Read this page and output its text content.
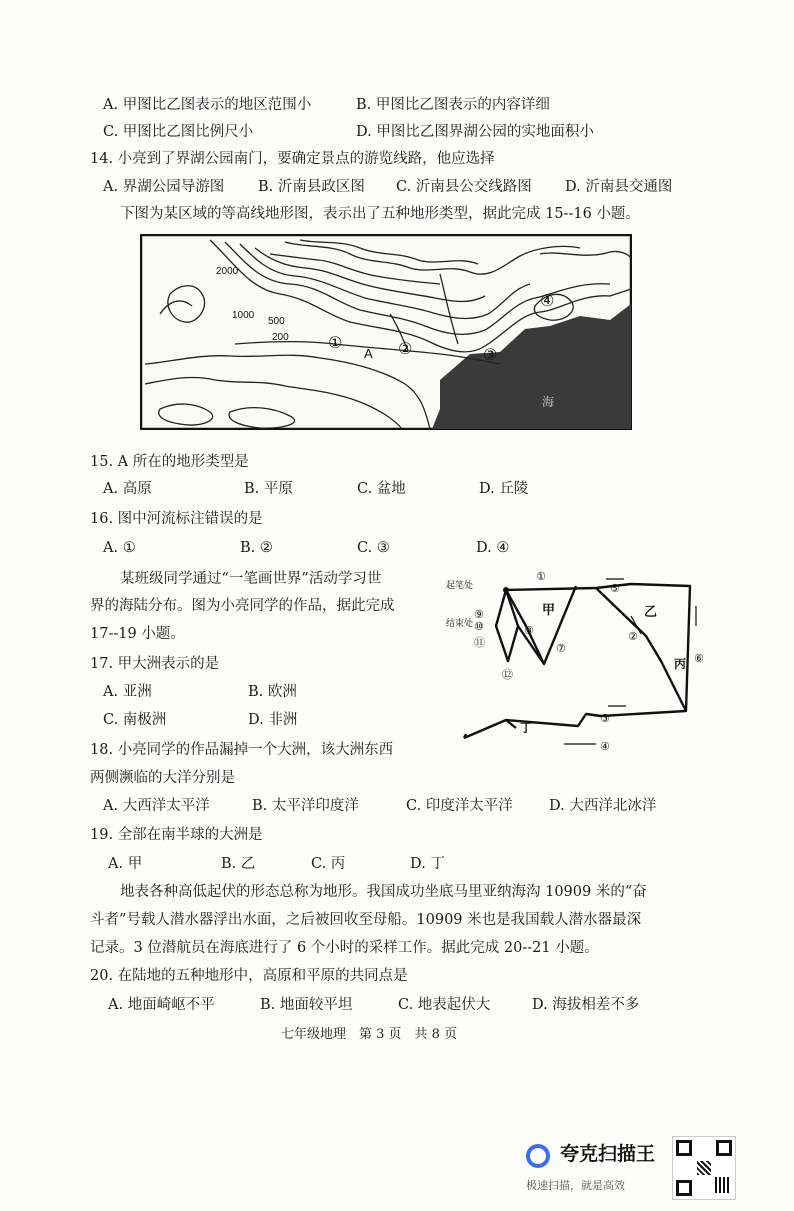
A. 甲图比乙图表示的地区范围小	B. 甲图比乙图表示的内容详细
C. 甲图比乙图比例尺小	D. 甲图比乙图界湖公园的实地面积小
14. 小亮到了界湖公园南门，要确定景点的游览线路，他应选择
A. 界湖公园导游图 B. 沂南县政区图 C. 沂南县公交线路图 D. 沂南县交通图
下图为某区域的等高线地形图，表示出了五种地形类型，据此完成 15--16 小题。
2000
1000
500
200
A
①	②	③
④
海
15. A 所在的地形类型是
A. 高原	B. 平原	C. 盆地	D. 丘陵
16. 图中河流标注错误的是
A. ①	B. ②	C. ③	D. ④
某班级同学通过“一笔画世界”活动学习世
界的海陆分布。图为小亮同学的作品，据此完成
17--19 小题。
起笔处
结束处
甲	乙
丙
丁
①
②
③
④
⑤
⑥
⑦
⑧
⑨
⑩
⑪
⑫
17. 甲大洲表示的是
A. 亚洲	B. 欧洲
C. 南极洲	D. 非洲
18. 小亮同学的作品漏掉一个大洲，该大洲东西
两侧濒临的大洋分别是
A. 大西洋太平洋	B. 太平洋印度洋	C. 印度洋太平洋 D. 大西洋北冰洋
19. 全部在南半球的大洲是
A. 甲	B. 乙	C. 丙	D. 丁
地表各种高低起伏的形态总称为地形。我国成功坐底马里亚纳海沟 10909 米的“奋
斗者”号载人潜水器浮出水面，之后被回收至母船。10909 米也是我国载人潜水器最深
记录。3 位潜航员在海底进行了 6 个小时的采样工作。据此完成 20--21 小题。
20. 在陆地的五种地形中，高原和平原的共同点是
A. 地面崎岖不平	B. 地面较平坦	C. 地表起伏大	D. 海拔相差不多
七年级地理　第 3 页　共 8 页
夸克扫描王
极速扫描，就是高效
